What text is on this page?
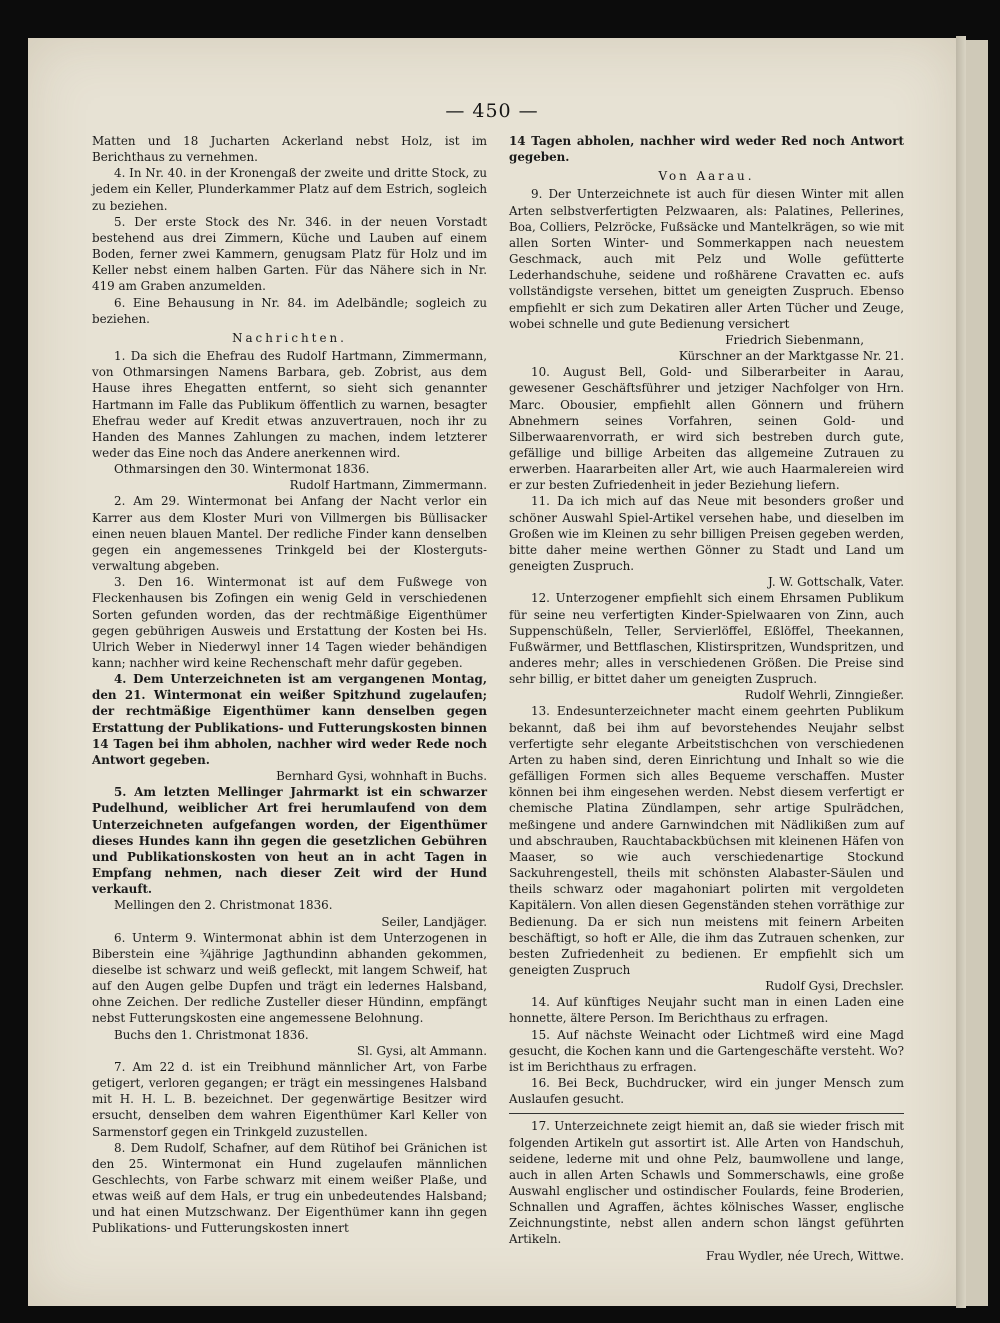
— 450 —

Matten und 18 Jucharten Ackerland nebst Holz, ist im Berichthaus zu vernehmen.

4. In Nr. 40. in der Kronengaß der zweite und dritte Stock, zu jedem ein Keller, Plunderkammer Platz auf dem Estrich, sogleich zu beziehen.

5. Der erste Stock des Nr. 346. in der neuen Vorstadt bestehend aus drei Zimmern, Küche und Lauben auf einem Boden, ferner zwei Kammern, genugsam Platz für Holz und im Keller nebst einem halben Garten. Für das Nähere sich in Nr. 419 am Graben anzumelden.

6. Eine Behausung in Nr. 84. im Adelbändle; sogleich zu beziehen.

Nachrichten.

1. Da sich die Ehefrau des Rudolf Hartmann, Zimmermann, von Othmarsingen Namens Barbara, geb. Zobrist, aus dem Hause ihres Ehegatten entfernt, so sieht sich genannter Hartmann im Falle das Publikum öffentlich zu warnen, besagter Ehefrau weder auf Kredit etwas anzuvertrauen, noch ihr zu Handen des Mannes Zahlungen zu machen, indem letzterer weder das Eine noch das Andere anerkennen wird.

Othmarsingen den 30. Wintermonat 1836.

Rudolf Hartmann, Zimmermann.

2. Am 29. Wintermonat bei Anfang der Nacht verlor ein Karrer aus dem Kloster Muri von Villmergen bis Büllisacker einen neuen blauen Mantel. Der redliche Finder kann denselben gegen ein angemessenes Trinkgeld bei der Klosterguts-verwaltung abgeben.

3. Den 16. Wintermonat ist auf dem Fußwege von Fleckenhausen bis Zofingen ein wenig Geld in verschiedenen Sorten gefunden worden, das der rechtmäßige Eigenthümer gegen gebührigen Ausweis und Erstattung der Kosten bei Hs. Ulrich Weber in Niederwyl inner 14 Tagen wieder behändigen kann; nachher wird keine Rechenschaft mehr dafür gegeben.

4. Dem Unterzeichneten ist am vergangenen Montag, den 21. Wintermonat ein weißer Spitzhund zugelaufen; der rechtmäßige Eigenthümer kann denselben gegen Erstattung der Publikations- und Futterungskosten binnen 14 Tagen bei ihm abholen, nachher wird weder Rede noch Antwort gegeben.

Bernhard Gysi, wohnhaft in Buchs.

5. Am letzten Mellinger Jahrmarkt ist ein schwarzer Pudelhund, weiblicher Art frei herumlaufend von dem Unterzeichneten aufgefangen worden, der Eigenthümer dieses Hundes kann ihn gegen die gesetzlichen Gebühren und Publikationskosten von heut an in acht Tagen in Empfang nehmen, nach dieser Zeit wird der Hund verkauft.

Mellingen den 2. Christmonat 1836.

Seiler, Landjäger.

6. Unterm 9. Wintermonat abhin ist dem Unterzogenen in Biberstein eine ¾jährige Jagthundinn abhanden gekommen, dieselbe ist schwarz und weiß gefleckt, mit langem Schweif, hat auf den Augen gelbe Dupfen und trägt ein ledernes Halsband, ohne Zeichen. Der redliche Zusteller dieser Hündinn, empfängt nebst Futterungskosten eine angemessene Belohnung.

Buchs den 1. Christmonat 1836.

Sl. Gysi, alt Ammann.

7. Am 22 d. ist ein Treibhund männlicher Art, von Farbe getigert, verloren gegangen; er trägt ein messingenes Halsband mit H. H. L. B. bezeichnet. Der gegenwärtige Besitzer wird ersucht, denselben dem wahren Eigenthümer Karl Keller von Sarmenstorf gegen ein Trinkgeld zuzustellen.

8. Dem Rudolf, Schafner, auf dem Rütihof bei Gränichen ist den 25. Wintermonat ein Hund zugelaufen männlichen Geschlechts, von Farbe schwarz mit einem weißer Plaße, und etwas weiß auf dem Hals, er trug ein unbedeutendes Halsband; und hat einen Mutzschwanz. Der Eigenthümer kann ihn gegen Publikations- und Futterungskosten innert

14 Tagen abholen, nachher wird weder Red noch Antwort gegeben.

Von Aarau.

9. Der Unterzeichnete ist auch für diesen Winter mit allen Arten selbstverfertigten Pelzwaaren, als: Palatines, Pellerines, Boa, Colliers, Pelzröcke, Fußsäcke und Mantelkrägen, so wie mit allen Sorten Winter- und Sommerkappen nach neuestem Geschmack, auch mit Pelz und Wolle gefütterte Lederhandschuhe, seidene und roßhärene Cravatten ec. aufs vollständigste versehen, bittet um geneigten Zuspruch. Ebenso empfiehlt er sich zum Dekatiren aller Arten Tücher und Zeuge, wobei schnelle und gute Bedienung versichert

Friedrich Siebenmann,

Kürschner an der Marktgasse Nr. 21.

10. August Bell, Gold- und Silberarbeiter in Aarau, gewesener Geschäftsführer und jetziger Nachfolger von Hrn. Marc. Obousier, empfiehlt allen Gönnern und frühern Abnehmern seines Vorfahren, seinen Gold- und Silberwaarenvorrath, er wird sich bestreben durch gute, gefällige und billige Arbeiten das allgemeine Zutrauen zu erwerben. Haararbeiten aller Art, wie auch Haarmalereien wird er zur besten Zufriedenheit in jeder Beziehung liefern.

11. Da ich mich auf das Neue mit besonders großer und schöner Auswahl Spiel-Artikel versehen habe, und dieselben im Großen wie im Kleinen zu sehr billigen Preisen gegeben werden, bitte daher meine werthen Gönner zu Stadt und Land um geneigten Zuspruch.

J. W. Gottschalk, Vater.

12. Unterzogener empfiehlt sich einem Ehrsamen Publikum für seine neu verfertigten Kinder-Spielwaaren von Zinn, auch Suppenschüßeln, Teller, Servierlöffel, Eßlöffel, Theekannen, Fußwärmer, und Bettflaschen, Klistirspritzen, Wundspritzen, und anderes mehr; alles in verschiedenen Größen. Die Preise sind sehr billig, er bittet daher um geneigten Zuspruch.

Rudolf Wehrli, Zinngießer.

13. Endesunterzeichneter macht einem geehrten Publikum bekannt, daß bei ihm auf bevorstehendes Neujahr selbst verfertigte sehr elegante Arbeitstischchen von verschiedenen Arten zu haben sind, deren Einrichtung und Inhalt so wie die gefälligen Formen sich alles Bequeme verschaffen. Muster können bei ihm eingesehen werden. Nebst diesem verfertigt er chemische Platina Zündlampen, sehr artige Spulrädchen, meßingene und andere Garnwindchen mit Nädlikißen zum auf und abschrauben, Rauchtabackbüchsen mit kleinenen Häfen von Maaser, so wie auch verschiedenartige Stockund Sackuhrengestell, theils mit schönsten Alabaster-Säulen und theils schwarz oder magahoniart polirten mit vergoldeten Kapitälern. Von allen diesen Gegenständen stehen vorräthige zur Bedienung. Da er sich nun meistens mit feinern Arbeiten beschäftigt, so hoft er Alle, die ihm das Zutrauen schenken, zur besten Zufriedenheit zu bedienen. Er empfiehlt sich um geneigten Zuspruch

Rudolf Gysi, Drechsler.

14. Auf künftiges Neujahr sucht man in einen Laden eine honnette, ältere Person. Im Berichthaus zu erfragen.

15. Auf nächste Weinacht oder Lichtmeß wird eine Magd gesucht, die Kochen kann und die Gartengeschäfte versteht. Wo? ist im Berichthaus zu erfragen.

16. Bei Beck, Buchdrucker, wird ein junger Mensch zum Auslaufen gesucht.

17. Unterzeichnete zeigt hiemit an, daß sie wieder frisch mit folgenden Artikeln gut assortirt ist. Alle Arten von Handschuh, seidene, lederne mit und ohne Pelz, baumwollene und lange, auch in allen Arten Schawls und Sommerschawls, eine große Auswahl englischer und ostindischer Foulards, feine Broderien, Schnallen und Agraffen, ächtes kölnisches Wasser, englische Zeichnungstinte, nebst allen andern schon längst geführten Artikeln.

Frau Wydler, née Urech, Wittwe.
